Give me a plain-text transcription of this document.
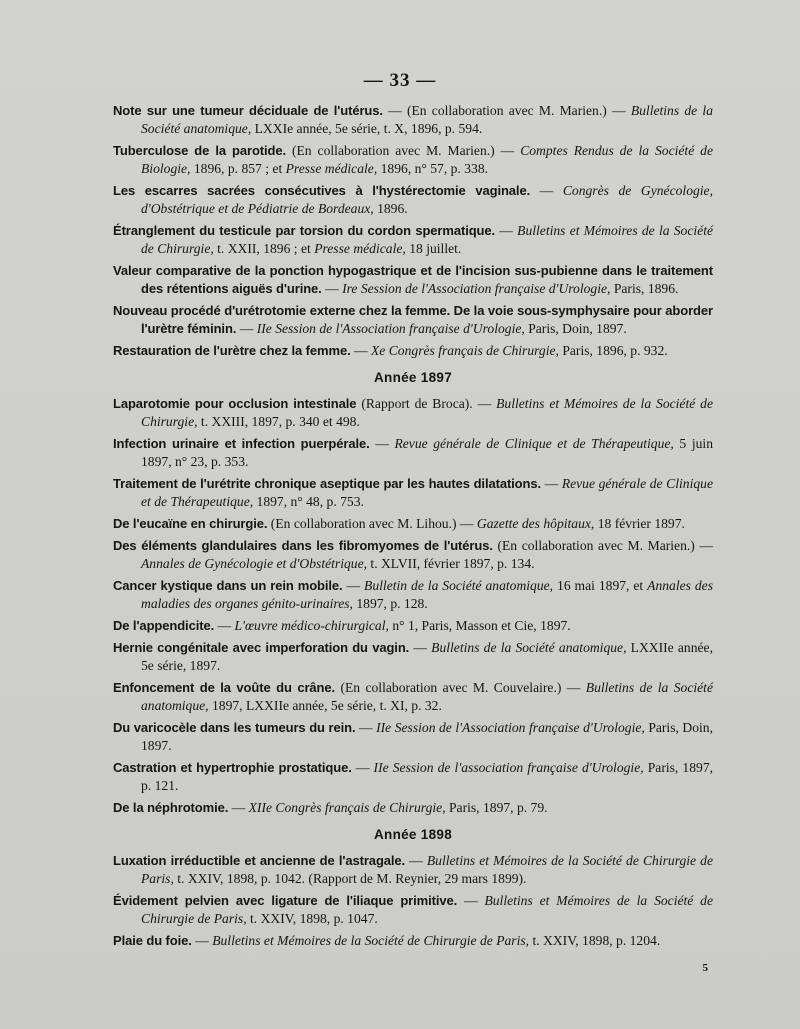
— 33 —
Note sur une tumeur déciduale de l'utérus. — (En collaboration avec M. Marien.) — Bulletins de la Société anatomique, LXXIe année, 5e série, t. X, 1896, p. 594.
Tuberculose de la parotide. (En collaboration avec M. Marien.) — Comptes Rendus de la Société de Biologie, 1896, p. 857 ; et Presse médicale, 1896, n° 57, p. 338.
Les escarres sacrées consécutives à l'hystérectomie vaginale. — Congrès de Gynécologie, d'Obstétrique et de Pédiatrie de Bordeaux, 1896.
Étranglement du testicule par torsion du cordon spermatique. — Bulletins et Mémoires de la Société de Chirurgie, t. XXII, 1896 ; et Presse médicale, 18 juillet.
Valeur comparative de la ponction hypogastrique et de l'incision sus-pubienne dans le traitement des rétentions aiguës d'urine. — Ire Session de l'Association française d'Urologie, Paris, 1896.
Nouveau procédé d'urétrotomie externe chez la femme. De la voie sous-symphysaire pour aborder l'urètre féminin. — IIe Session de l'Association française d'Urologie, Paris, Doin, 1897.
Restauration de l'urètre chez la femme. — Xe Congrès français de Chirurgie, Paris, 1896, p. 932.
Année 1897
Laparotomie pour occlusion intestinale (Rapport de Broca). — Bulletins et Mémoires de la Société de Chirurgie, t. XXIII, 1897, p. 340 et 498.
Infection urinaire et infection puerpérale. — Revue générale de Clinique et de Thérapeutique, 5 juin 1897, n° 23, p. 353.
Traitement de l'urétrite chronique aseptique par les hautes dilatations. — Revue générale de Clinique et de Thérapeutique, 1897, n° 48, p. 753.
De l'eucaïne en chirurgie. (En collaboration avec M. Lihou.) — Gazette des hôpitaux, 18 février 1897.
Des éléments glandulaires dans les fibromyomes de l'utérus. (En collaboration avec M. Marien.) — Annales de Gynécologie et d'Obstétrique, t. XLVII, février 1897, p. 134.
Cancer kystique dans un rein mobile. — Bulletin de la Société anatomique, 16 mai 1897, et Annales des maladies des organes génito-urinaires, 1897, p. 128.
De l'appendicite. — L'œuvre médico-chirurgical, n° 1, Paris, Masson et Cie, 1897.
Hernie congénitale avec imperforation du vagin. — Bulletins de la Société anatomique, LXXIIe année, 5e série, 1897.
Enfoncement de la voûte du crâne. (En collaboration avec M. Couvelaire.) — Bulletins de la Société anatomique, 1897, LXXIIe année, 5e série, t. XI, p. 32.
Du varicocèle dans les tumeurs du rein. — IIe Session de l'Association française d'Urologie, Paris, Doin, 1897.
Castration et hypertrophie prostatique. — IIe Session de l'association française d'Urologie, Paris, 1897, p. 121.
De la néphrotomie. — XIIe Congrès français de Chirurgie, Paris, 1897, p. 79.
Année 1898
Luxation irréductible et ancienne de l'astragale. — Bulletins et Mémoires de la Société de Chirurgie de Paris, t. XXIV, 1898, p. 1042. (Rapport de M. Reynier, 29 mars 1899).
Évidement pelvien avec ligature de l'iliaque primitive. — Bulletins et Mémoires de la Société de Chirurgie de Paris, t. XXIV, 1898, p. 1047.
Plaie du foie. — Bulletins et Mémoires de la Société de Chirurgie de Paris, t. XXIV, 1898, p. 1204.
5
